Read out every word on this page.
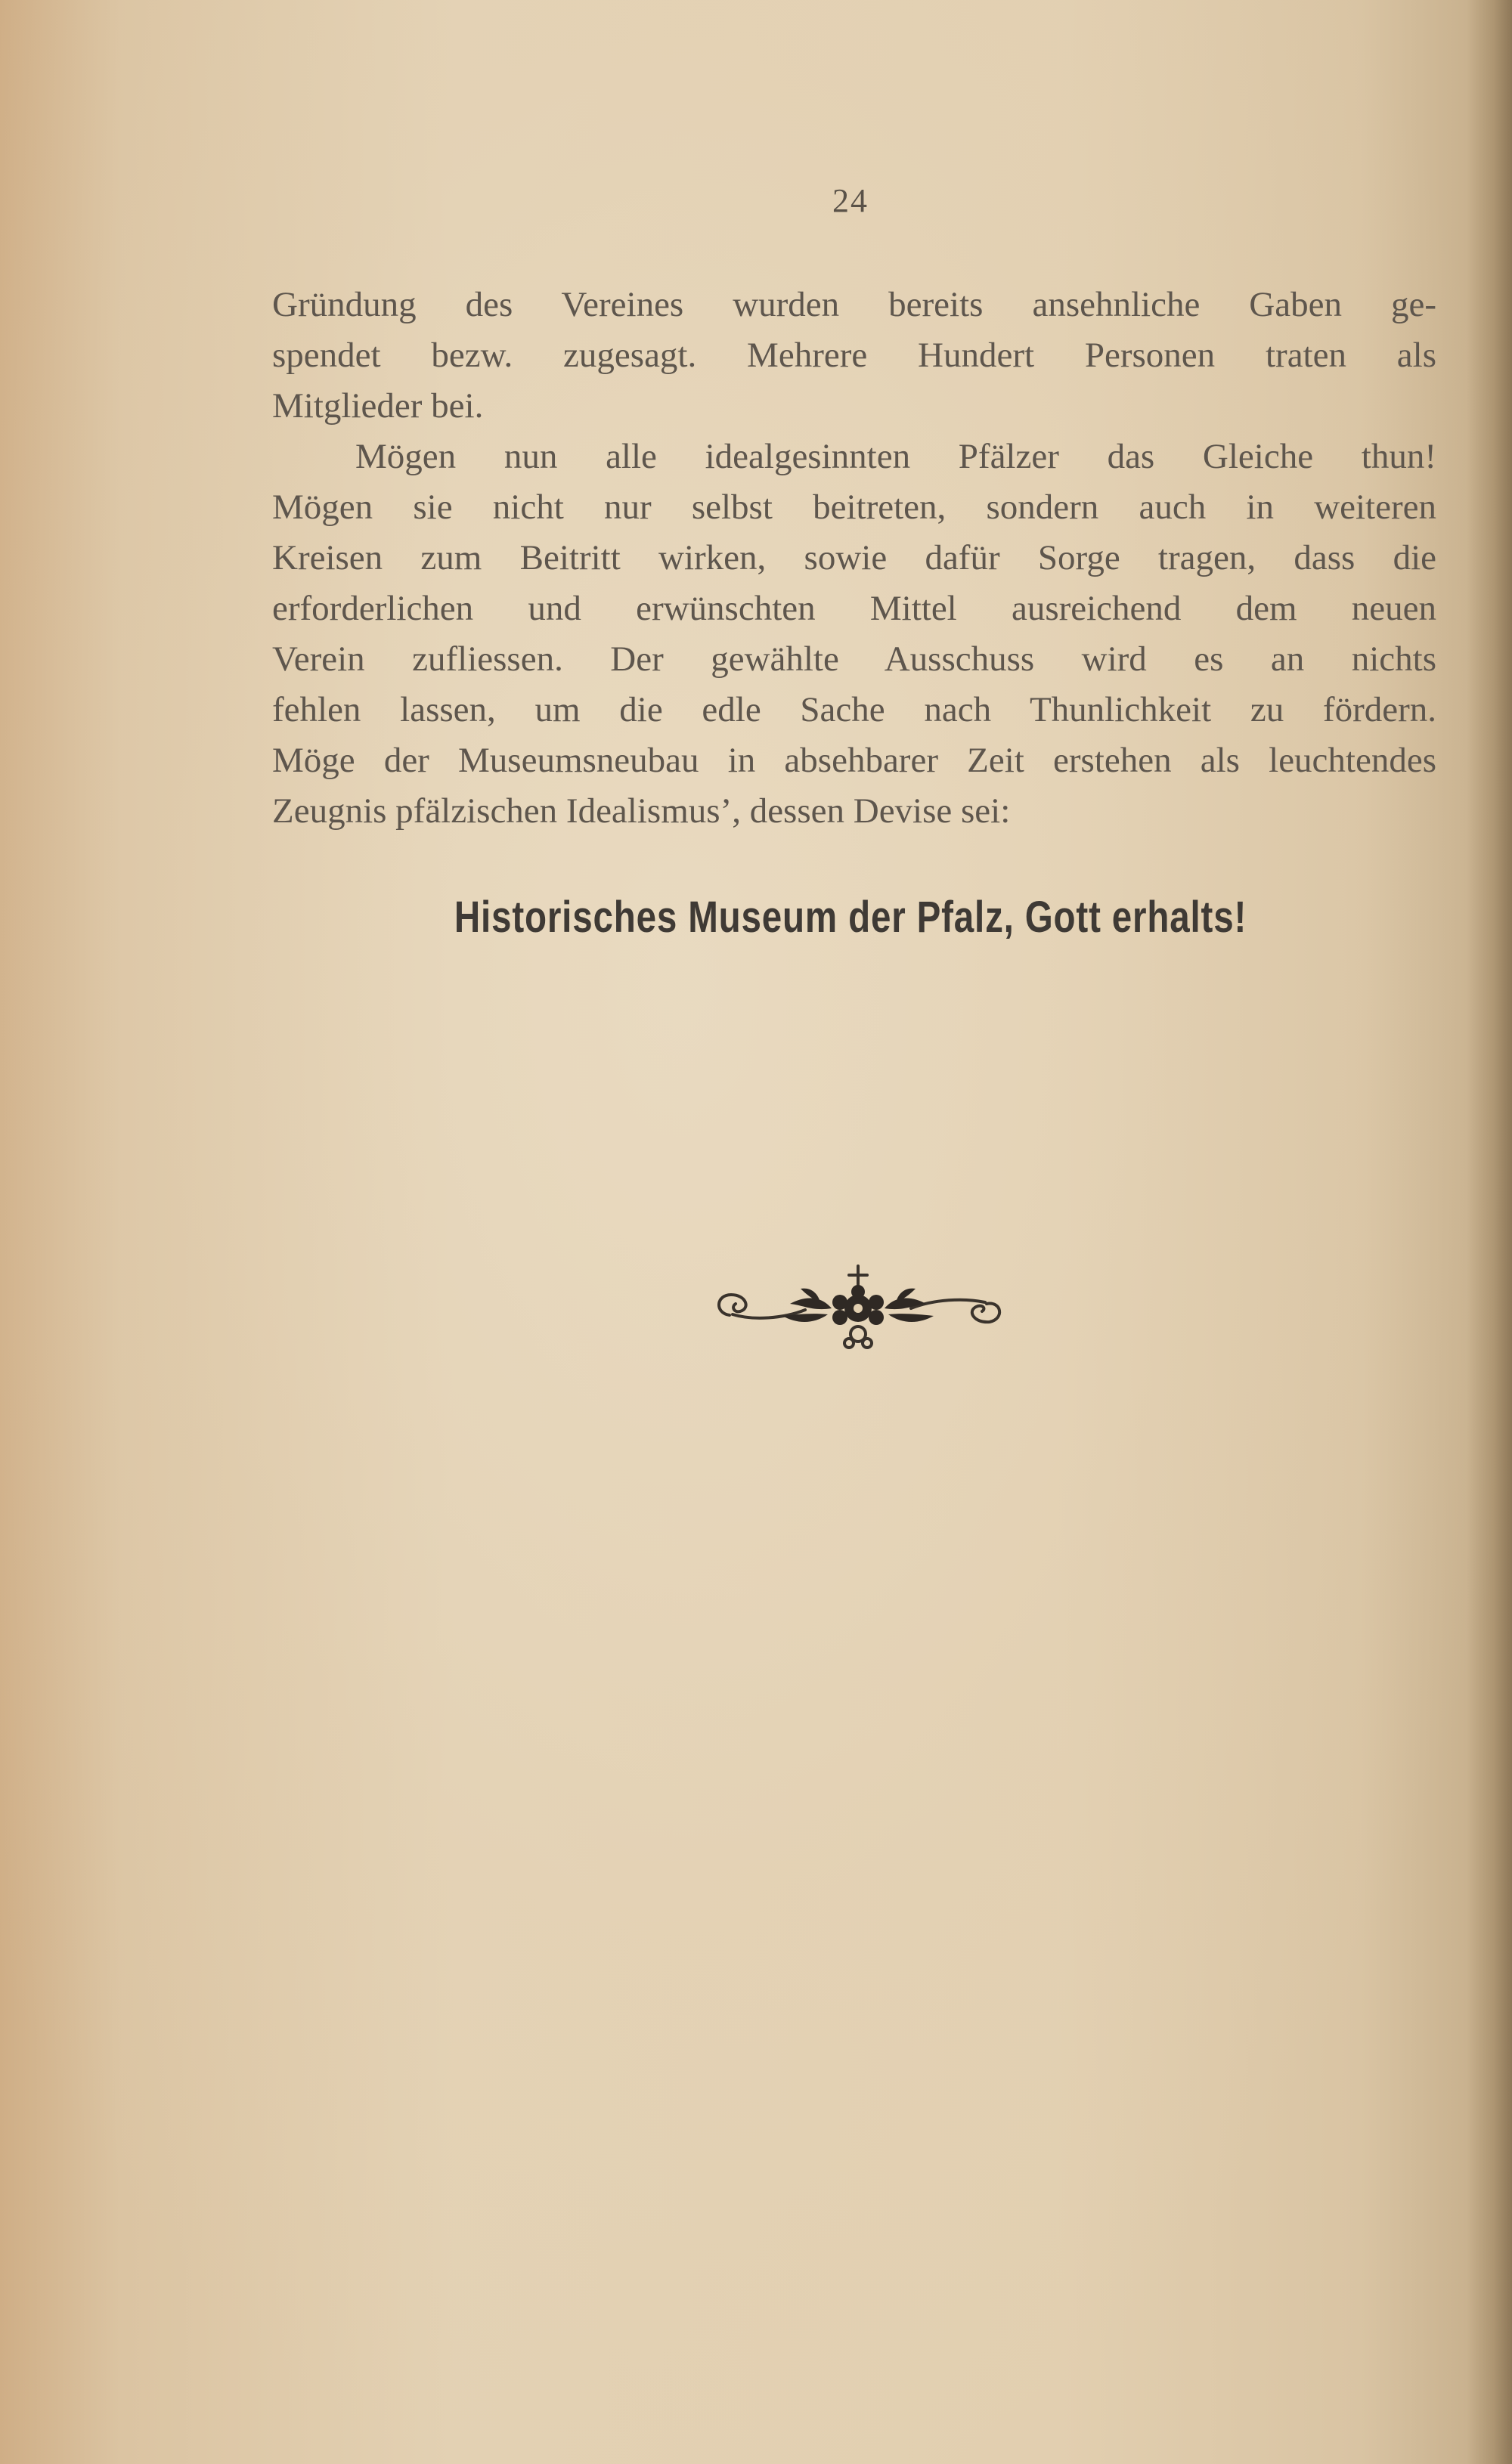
24
Gründung des Vereines wurden bereits ansehnliche Gaben ge-
spendet bezw. zugesagt. Mehrere Hundert Personen traten als
Mitglieder bei.
Mögen nun alle idealgesinnten Pfälzer das Gleiche thun!
Mögen sie nicht nur selbst beitreten, sondern auch in weiteren
Kreisen zum Beitritt wirken, sowie dafür Sorge tragen, dass die
erforderlichen und erwünschten Mittel ausreichend dem neuen
Verein zufliessen. Der gewählte Ausschuss wird es an nichts
fehlen lassen, um die edle Sache nach Thunlichkeit zu fördern.
Möge der Museumsneubau in absehbarer Zeit erstehen als leuchtendes
Zeugnis pfälzischen Idealismus’, dessen Devise sei:
Historisches Museum der Pfalz, Gott erhalts!
